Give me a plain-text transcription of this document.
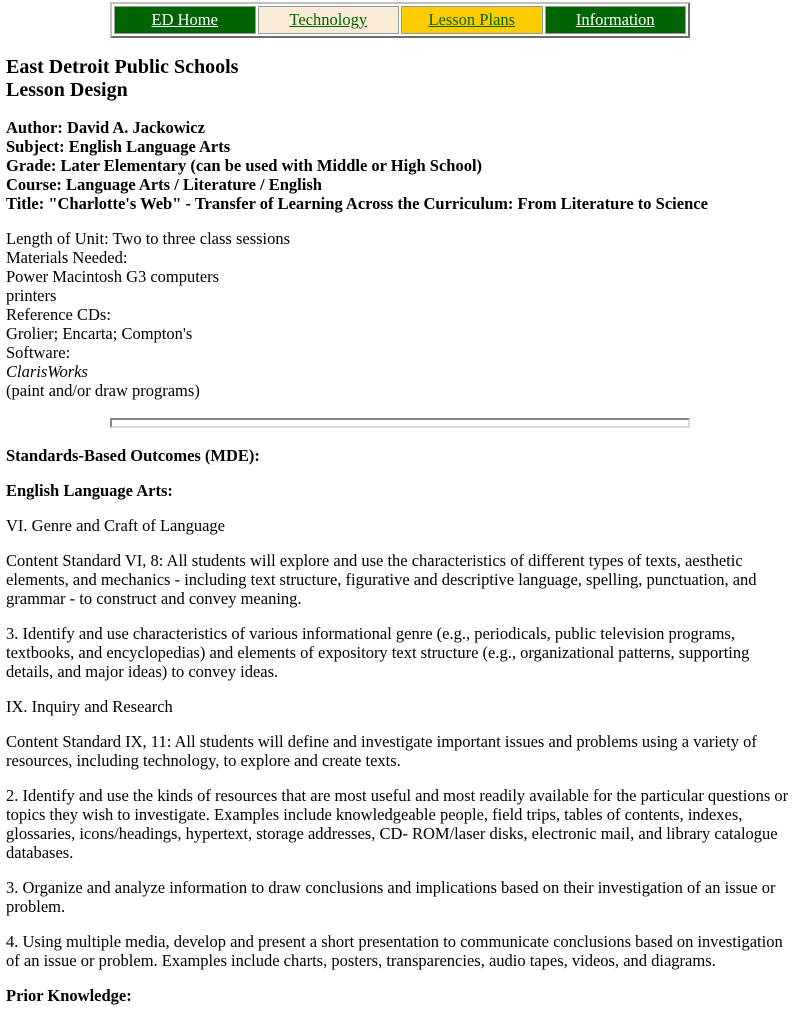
ED Home	Technology	Lesson Plans	Information
East Detroit Public Schools
Lesson Design

Author: David A. Jackowicz
Subject: English Language Arts
Grade: Later Elementary (can be used with Middle or High School)
Course: Language Arts / Literature / English
Title: "Charlotte's Web" - Transfer of Learning Across the Curriculum: From Literature to Science

Length of Unit: Two to three class sessions
Materials Needed:
Power Macintosh G3 computers
printers
Reference CDs:
Grolier; Encarta; Compton's
Software:
ClarisWorks
(paint and/or draw programs)

Standards-Based Outcomes (MDE):

English Language Arts:

VI. Genre and Craft of Language

Content Standard VI, 8: All students will explore and use the characteristics of different types of texts, aesthetic elements, and mechanics - including text structure, figurative and descriptive language, spelling, punctuation, and grammar - to construct and convey meaning.

3. Identify and use characteristics of various informational genre (e.g., periodicals, public television programs, textbooks, and encyclopedias) and elements of expository text structure (e.g., organizational patterns, supporting details, and major ideas) to convey ideas.

IX. Inquiry and Research

Content Standard IX, 11: All students will define and investigate important issues and problems using a variety of resources, including technology, to explore and create texts.

2. Identify and use the kinds of resources that are most useful and most readily available for the particular questions or topics they wish to investigate. Examples include knowledgeable people, field trips, tables of contents, indexes, glossaries, icons/headings, hypertext, storage addresses, CD- ROM/laser disks, electronic mail, and library catalogue databases.

3. Organize and analyze information to draw conclusions and implications based on their investigation of an issue or problem.

4. Using multiple media, develop and present a short presentation to communicate conclusions based on investigation of an issue or problem. Examples include charts, posters, transparencies, audio tapes, videos, and diagrams.

Prior Knowledge:
